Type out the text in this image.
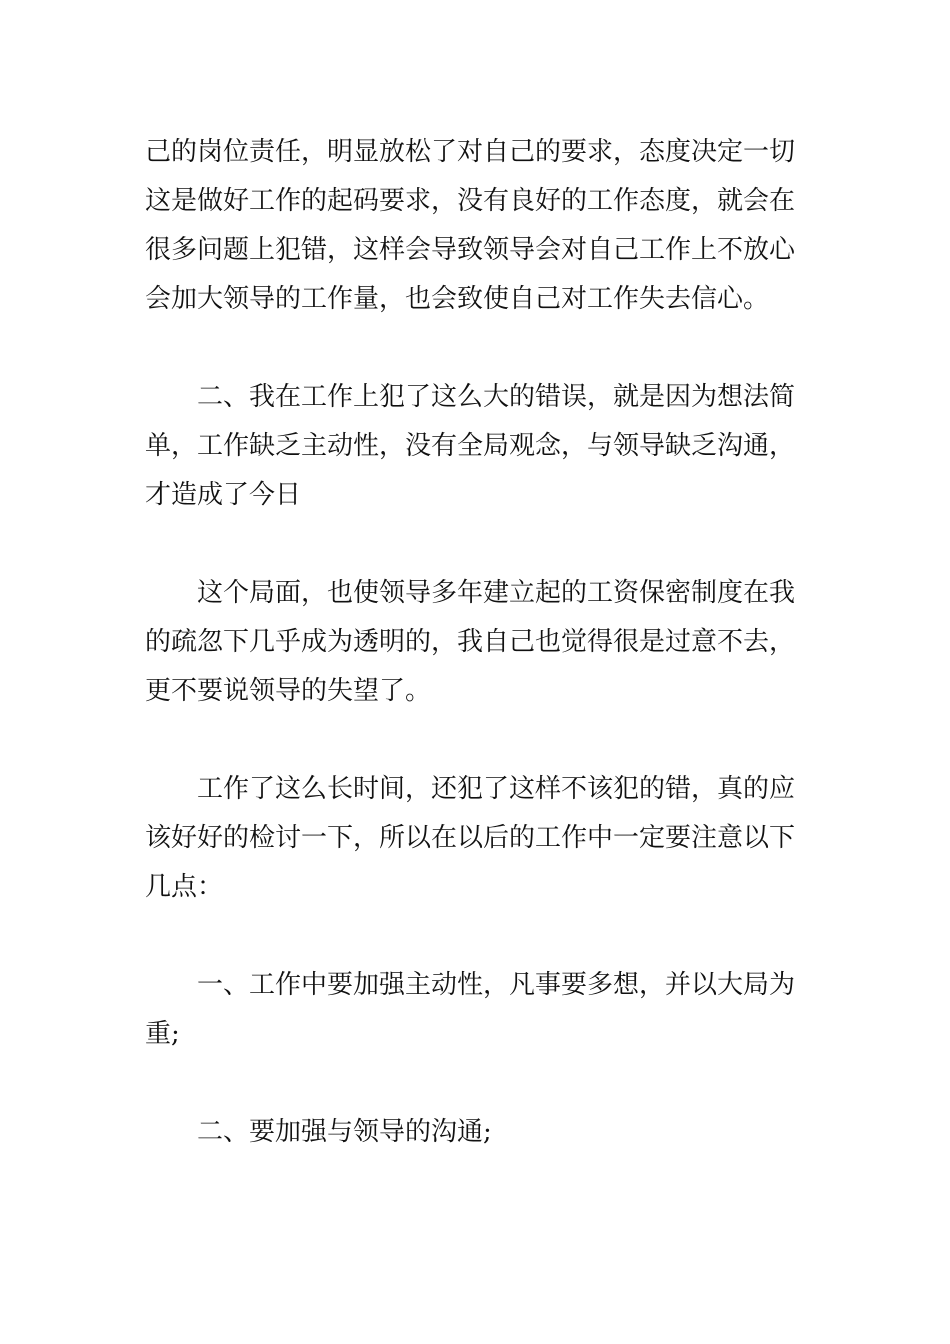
己的岗位责任，明显放松了对自己的要求，态度决定一切
这是做好工作的起码要求，没有良好的工作态度，就会在
很多问题上犯错，这样会导致领导会对自己工作上不放心
会加大领导的工作量，也会致使自己对工作失去信心。
二、我在工作上犯了这么大的错误，就是因为想法简
单，工作缺乏主动性，没有全局观念，与领导缺乏沟通，
才造成了今日
这个局面，也使领导多年建立起的工资保密制度在我
的疏忽下几乎成为透明的，我自己也觉得很是过意不去，
更不要说领导的失望了。
工作了这么长时间，还犯了这样不该犯的错，真的应
该好好的检讨一下，所以在以后的工作中一定要注意以下
几点：
一、工作中要加强主动性，凡事要多想，并以大局为
重;
二、要加强与领导的沟通;
